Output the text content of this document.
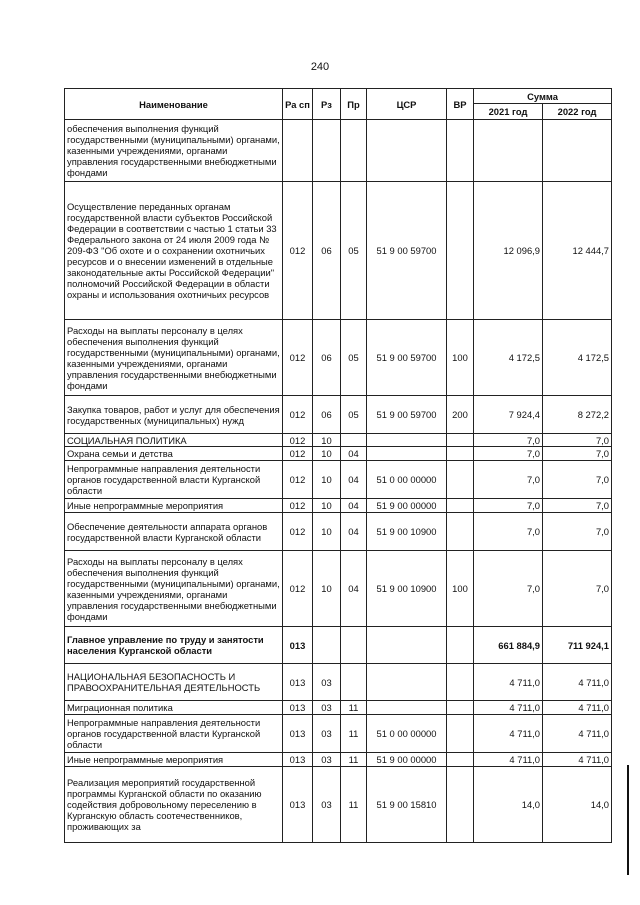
240
Наименование	Ра сп	Рз	Пр	ЦСР	ВР	Сумма	
						2021 год	2022 год
обеспечения выполнения функций государственными (муниципальными) органами, казенными учреждениями, органами управления государственными внебюджетными фондами							
Осуществление переданных органам государственной власти субъектов Российской Федерации в соответствии с частью 1 статьи 33 Федерального закона от 24 июля 2009 года № 209-ФЗ "Об охоте и о сохранении охотничьих ресурсов и о внесении изменений в отдельные законодательные акты Российской Федерации" полномочий Российской Федерации в области охраны и использования охотничьих ресурсов	012	06	05	51 9 00 59700		12 096,9	12 444,7
Расходы на выплаты персоналу в целях обеспечения выполнения функций государственными (муниципальными) органами, казенными учреждениями, органами управления государственными внебюджетными фондами	012	06	05	51 9 00 59700	100	4 172,5	4 172,5
Закупка товаров, работ и услуг для обеспечения государственных (муниципальных) нужд	012	06	05	51 9 00 59700	200	7 924,4	8 272,2
СОЦИАЛЬНАЯ ПОЛИТИКА	012	10				7,0	7,0
Охрана семьи и детства	012	10	04			7,0	7,0
Непрограммные направления деятельности органов государственной власти Курганской области	012	10	04	51 0 00 00000		7,0	7,0
Иные непрограммные мероприятия	012	10	04	51 9 00 00000		7,0	7,0
Обеспечение деятельности аппарата органов государственной власти Курганской области	012	10	04	51 9 00 10900		7,0	7,0
Расходы на выплаты персоналу в целях обеспечения выполнения функций государственными (муниципальными) органами, казенными учреждениями, органами управления государственными внебюджетными фондами	012	10	04	51 9 00 10900	100	7,0	7,0
Главное управление по труду и занятости населения Курганской области	013					661 884,9	711 924,1
НАЦИОНАЛЬНАЯ БЕЗОПАСНОСТЬ И ПРАВООХРАНИТЕЛЬНАЯ ДЕЯТЕЛЬНОСТЬ	013	03				4 711,0	4 711,0
Миграционная политика	013	03	11			4 711,0	4 711,0
Непрограммные направления деятельности органов государственной власти Курганской области	013	03	11	51 0 00 00000		4 711,0	4 711,0
Иные непрограммные мероприятия	013	03	11	51 9 00 00000		4 711,0	4 711,0
Реализация мероприятий государственной программы Курганской области по оказанию содействия добровольному переселению в Курганскую область соотечественников, проживающих за	013	03	11	51 9 00 15810		14,0	14,0
